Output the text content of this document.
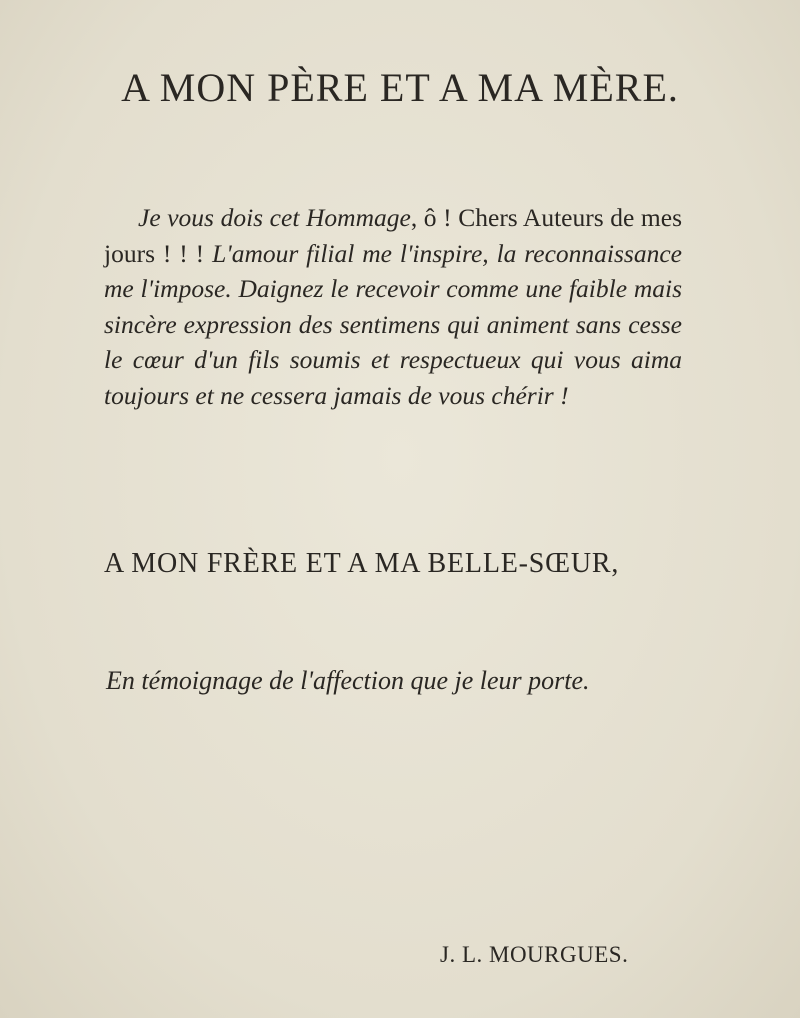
A MON PÈRE ET A MA MÈRE.

Je vous dois cet Hommage, ô ! Chers Auteurs de mes jours ! ! ! L'amour filial me l'inspire, la reconnaissance me l'impose. Daignez le recevoir comme une faible mais sincère expression des sentimens qui animent sans cesse le cœur d'un fils soumis et respectueux qui vous aima toujours et ne cessera jamais de vous chérir !

A MON FRÈRE ET A MA BELLE-SŒUR,

En témoignage de l'affection que je leur porte.

J. L. MOURGUES.
